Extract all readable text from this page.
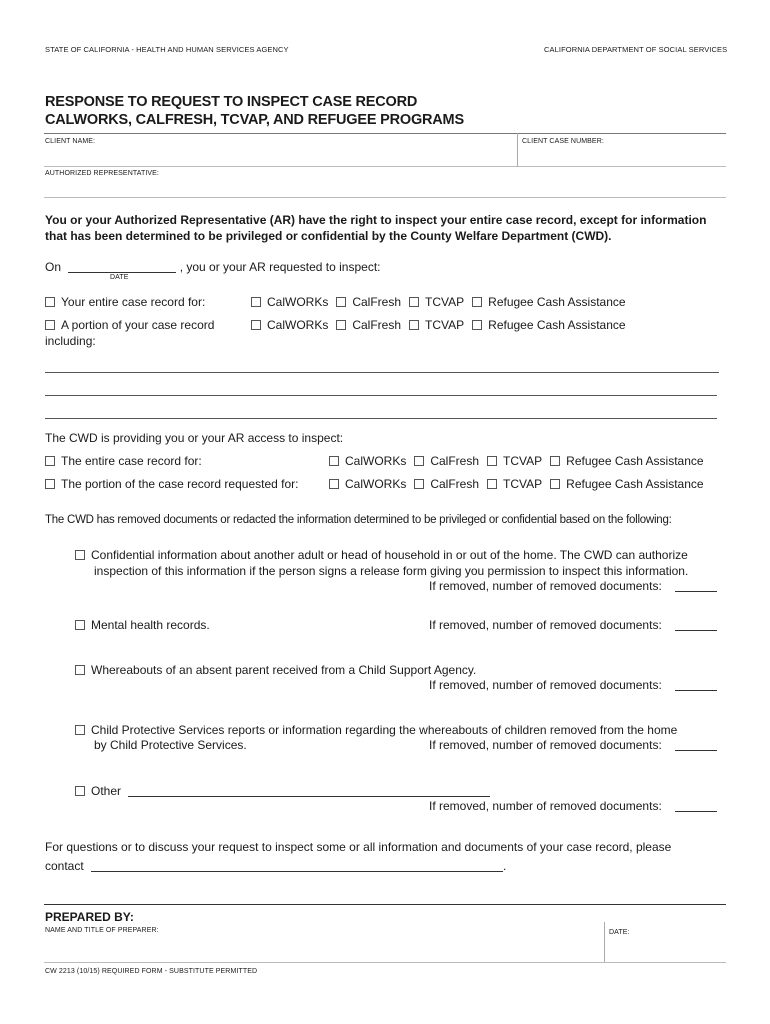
STATE OF CALIFORNIA - HEALTH AND HUMAN SERVICES AGENCY	CALIFORNIA DEPARTMENT OF SOCIAL SERVICES
RESPONSE TO REQUEST TO INSPECT CASE RECORD
CALWORKS, CALFRESH, TCVAP, AND REFUGEE PROGRAMS
CLIENT NAME:	CLIENT CASE NUMBER:
AUTHORIZED REPRESENTATIVE:
You or your Authorized Representative (AR) have the right to inspect your entire case record, except for information that has been determined to be privileged or confidential by the County Welfare Department (CWD).
On	, you or your AR requested to inspect:
DATE
Your entire case record for:	CalWORKs CalFresh TCVAP Refugee Cash Assistance
A portion of your case record	CalWORKs CalFresh TCVAP Refugee Cash Assistance
including:
The CWD is providing you or your AR access to inspect:
The entire case record for:	CalWORKs CalFresh TCVAP Refugee Cash Assistance
The portion of the case record requested for:	CalWORKs CalFresh TCVAP Refugee Cash Assistance
The CWD has removed documents or redacted the information determined to be privileged or confidential based on the following:
Confidential information about another adult or head of household in or out of the home. The CWD can authorize
inspection of this information if the person signs a release form giving you permission to inspect this information.
If removed, number of removed documents:
Mental health records.	If removed, number of removed documents:
Whereabouts of an absent parent received from a Child Support Agency.
If removed, number of removed documents:
Child Protective Services reports or information regarding the whereabouts of children removed from the home
by Child Protective Services.	If removed, number of removed documents:
Other
If removed, number of removed documents:
For questions or to discuss your request to inspect some or all information and documents of your case record, please
contact	.
PREPARED BY:
NAME AND TITLE OF PREPARER:	DATE:
CW 2213 (10/15) REQUIRED FORM - SUBSTITUTE PERMITTED
